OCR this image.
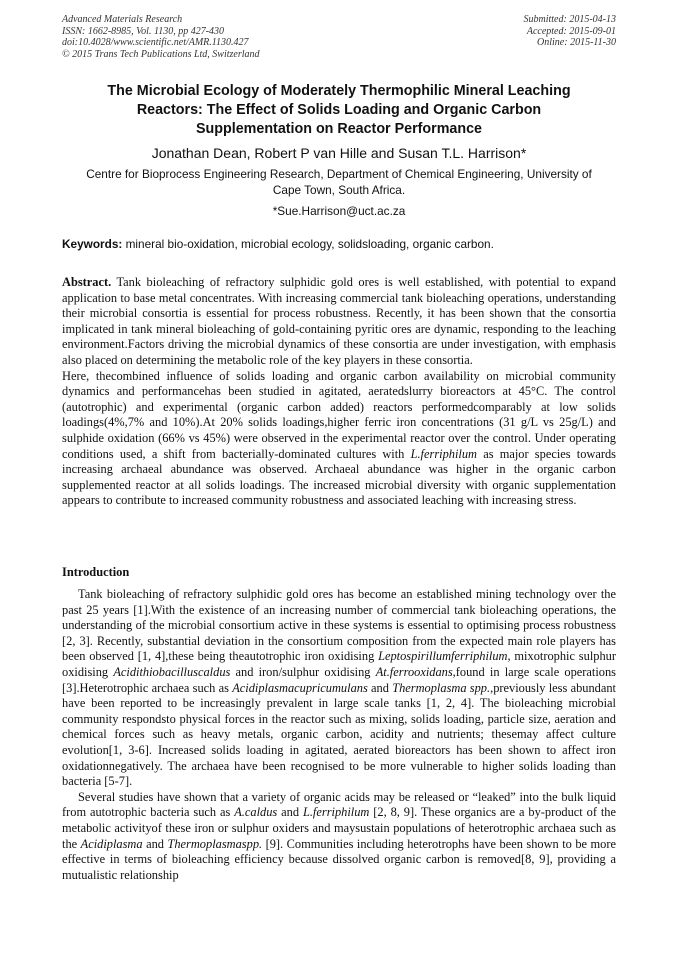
Advanced Materials Research
ISSN: 1662-8985, Vol. 1130, pp 427-430
doi:10.4028/www.scientific.net/AMR.1130.427
© 2015 Trans Tech Publications Ltd, Switzerland
Submitted: 2015-04-13
Accepted: 2015-09-01
Online: 2015-11-30
The Microbial Ecology of Moderately Thermophilic Mineral Leaching
Reactors: The Effect of Solids Loading and Organic Carbon
Supplementation on Reactor Performance
Jonathan Dean, Robert P van Hille and Susan T.L. Harrison*
Centre for Bioprocess Engineering Research, Department of Chemical Engineering, University of
Cape Town, South Africa.
*Sue.Harrison@uct.ac.za
Keywords: mineral bio-oxidation, microbial ecology, solidsloading, organic carbon.

Abstract. Tank bioleaching of refractory sulphidic gold ores is well established, with potential to expand application to base metal concentrates. With increasing commercial tank bioleaching operations, understanding their microbial consortia is essential for process robustness. Recently, it has been shown that the consortia implicated in tank mineral bioleaching of gold-containing pyritic ores are dynamic, responding to the leaching environment.Factors driving the microbial dynamics of these consortia are under investigation, with emphasis also placed on determining the metabolic role of the key players in these consortia.

Here, thecombined influence of solids loading and organic carbon availability on microbial community dynamics and performancehas been studied in agitated, aeratedslurry bioreactors at 45°C. The control (autotrophic) and experimental (organic carbon added) reactors performedcomparably at low solids loadings(4%,7% and 10%).At 20% solids loadings,higher ferric iron concentrations (31 g/L vs 25g/L) and sulphide oxidation (66% vs 45%) were observed in the experimental reactor over the control. Under operating conditions used, a shift from bacterially-dominated cultures with L.ferriphilum as major species towards increasing archaeal abundance was observed. Archaeal abundance was higher in the organic carbon supplemented reactor at all solids loadings. The increased microbial diversity with organic supplementation appears to contribute to increased community robustness and associated leaching with increasing stress.

Introduction

Tank bioleaching of refractory sulphidic gold ores has become an established mining technology over the past 25 years [1].With the existence of an increasing number of commercial tank bioleaching operations, the understanding of the microbial consortium active in these systems is essential to optimising process robustness [2, 3]. Recently, substantial deviation in the consortium composition from the expected main role players has been observed [1, 4],these being theautotrophic iron oxidising Leptospirillumferriphilum, mixotrophic sulphur oxidising Acidithiobacilluscaldus and iron/sulphur oxidising At.ferrooxidans,found in large scale operations [3].Heterotrophic archaea such as Acidiplasmacupricumulans and Thermoplasma spp.,previously less abundant have been reported to be increasingly prevalent in large scale tanks [1, 2, 4]. The bioleaching microbial community respondsto physical forces in the reactor such as mixing, solids loading, particle size, aeration and chemical forces such as heavy metals, organic carbon, acidity and nutrients; thesemay affect culture evolution[1, 3-6]. Increased solids loading in agitated, aerated bioreactors has been shown to affect iron oxidationnegatively. The archaea have been recognised to be more vulnerable to higher solids loading than bacteria [5-7].

Several studies have shown that a variety of organic acids may be released or “leaked” into the bulk liquid from autotrophic bacteria such as A.caldus and L.ferriphilum [2, 8, 9]. These organics are a by-product of the metabolic activityof these iron or sulphur oxiders and maysustain populations of heterotrophic archaea such as the Acidiplasma and Thermoplasmaspp. [9]. Communities including heterotrophs have been shown to be more effective in terms of bioleaching efficiency because dissolved organic carbon is removed[8, 9], providing a mutualistic relationship
